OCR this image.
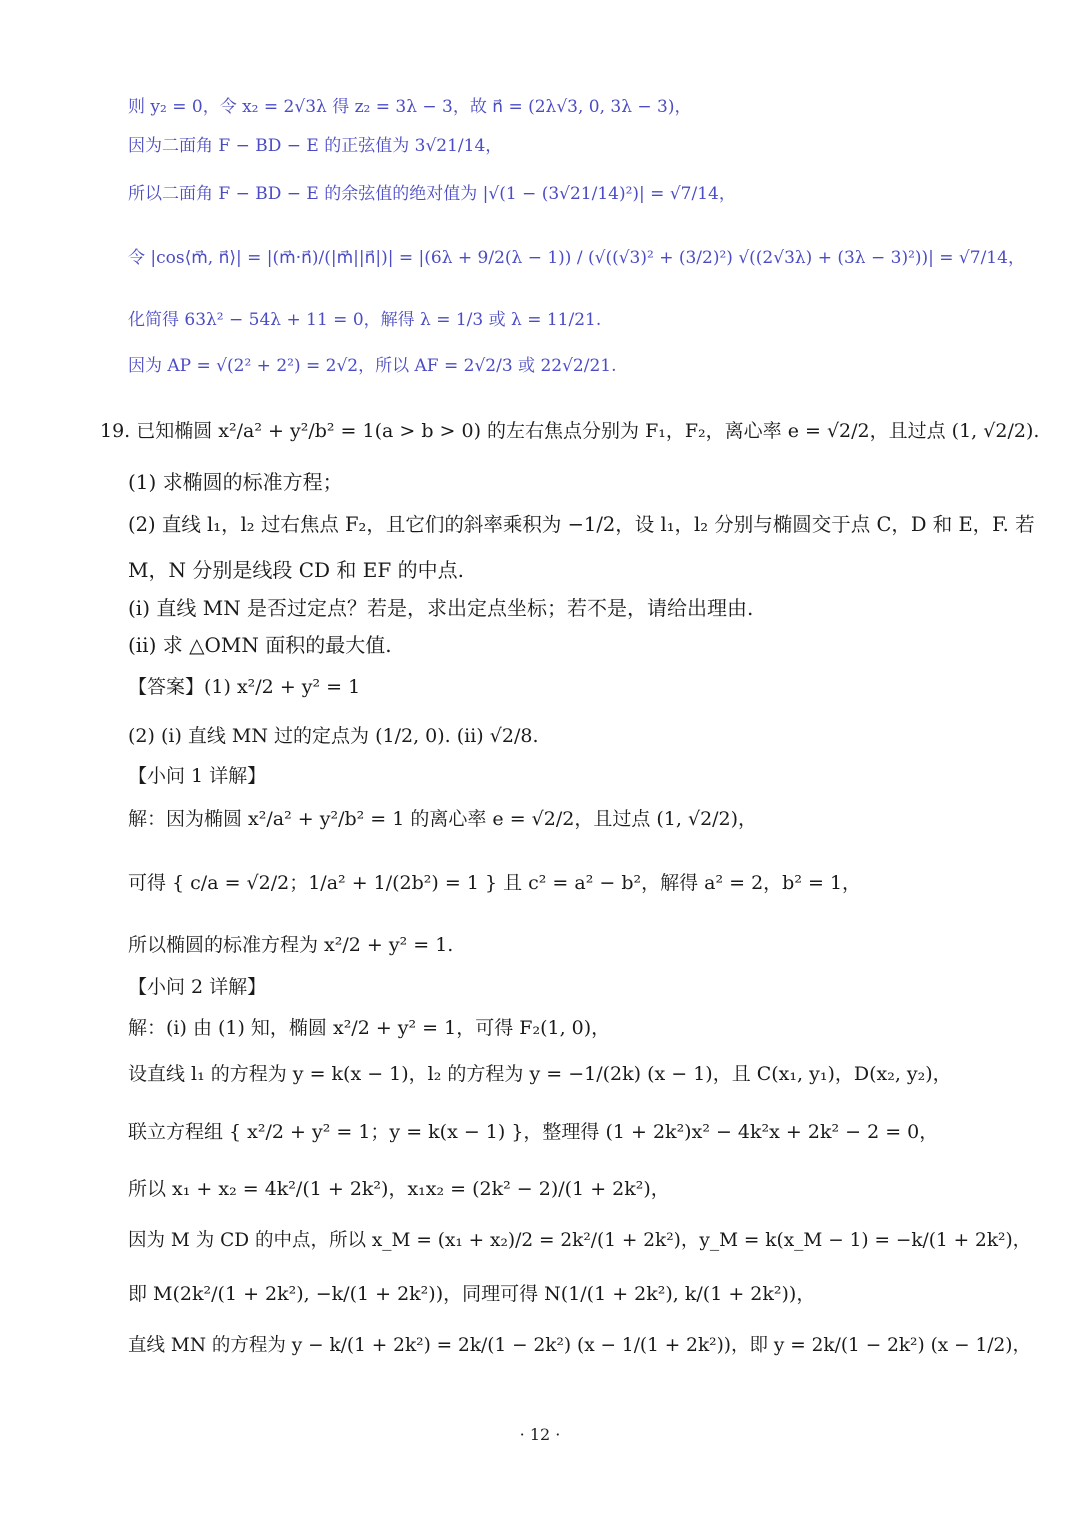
则 y₂ = 0，令 x₂ = 2√3λ 得 z₂ = 3λ − 3，故 n⃗ = (2λ√3, 0, 3λ − 3)，
因为二面角 F − BD − E 的正弦值为 3√21/14，
所以二面角 F − BD − E 的余弦值的绝对值为 |√(1 − (3√21/14)²)| = √7/14，
令 |cos⟨m⃗, n⃗⟩| = |(m⃗·n⃗)/(|m⃗||n⃗|)| = |(6λ + 9/2(λ − 1)) / (√((√3)² + (3/2)²) √((2√3λ) + (3λ − 3)²))| = √7/14，
化简得 63λ² − 54λ + 11 = 0，解得 λ = 1/3 或 λ = 11/21.
因为 AP = √(2² + 2²) = 2√2，所以 AF = 2√2/3 或 22√2/21.
19. 已知椭圆 x²/a² + y²/b² = 1(a > b > 0) 的左右焦点分别为 F₁，F₂，离心率 e = √2/2，且过点 (1, √2/2).
(1) 求椭圆的标准方程；
(2) 直线 l₁，l₂ 过右焦点 F₂，且它们的斜率乘积为 −1/2，设 l₁，l₂ 分别与椭圆交于点 C，D 和 E，F. 若
M，N 分别是线段 CD 和 EF 的中点.
(ⅰ) 直线 MN 是否过定点？若是，求出定点坐标；若不是，请给出理由.
(ⅱ) 求 △OMN 面积的最大值.
【答案】(1) x²/2 + y² = 1
(2) (ⅰ) 直线 MN 过的定点为 (1/2, 0). (ⅱ) √2/8.
【小问 1 详解】
解：因为椭圆 x²/a² + y²/b² = 1 的离心率 e = √2/2，且过点 (1, √2/2)，
可得 { c/a = √2/2；1/a² + 1/(2b²) = 1 } 且 c² = a² − b²，解得 a² = 2，b² = 1，
所以椭圆的标准方程为 x²/2 + y² = 1.
【小问 2 详解】
解：(ⅰ) 由 (1) 知，椭圆 x²/2 + y² = 1，可得 F₂(1, 0)，
设直线 l₁ 的方程为 y = k(x − 1)，l₂ 的方程为 y = −1/(2k) (x − 1)，且 C(x₁, y₁)，D(x₂, y₂)，
联立方程组 { x²/2 + y² = 1；y = k(x − 1) }，整理得 (1 + 2k²)x² − 4k²x + 2k² − 2 = 0，
所以 x₁ + x₂ = 4k²/(1 + 2k²)，x₁x₂ = (2k² − 2)/(1 + 2k²)，
因为 M 为 CD 的中点，所以 x_M = (x₁ + x₂)/2 = 2k²/(1 + 2k²)，y_M = k(x_M − 1) = −k/(1 + 2k²)，
即 M(2k²/(1 + 2k²), −k/(1 + 2k²))，同理可得 N(1/(1 + 2k²), k/(1 + 2k²))，
直线 MN 的方程为 y − k/(1 + 2k²) = 2k/(1 − 2k²) (x − 1/(1 + 2k²))，即 y = 2k/(1 − 2k²) (x − 1/2)，
· 12 ·
